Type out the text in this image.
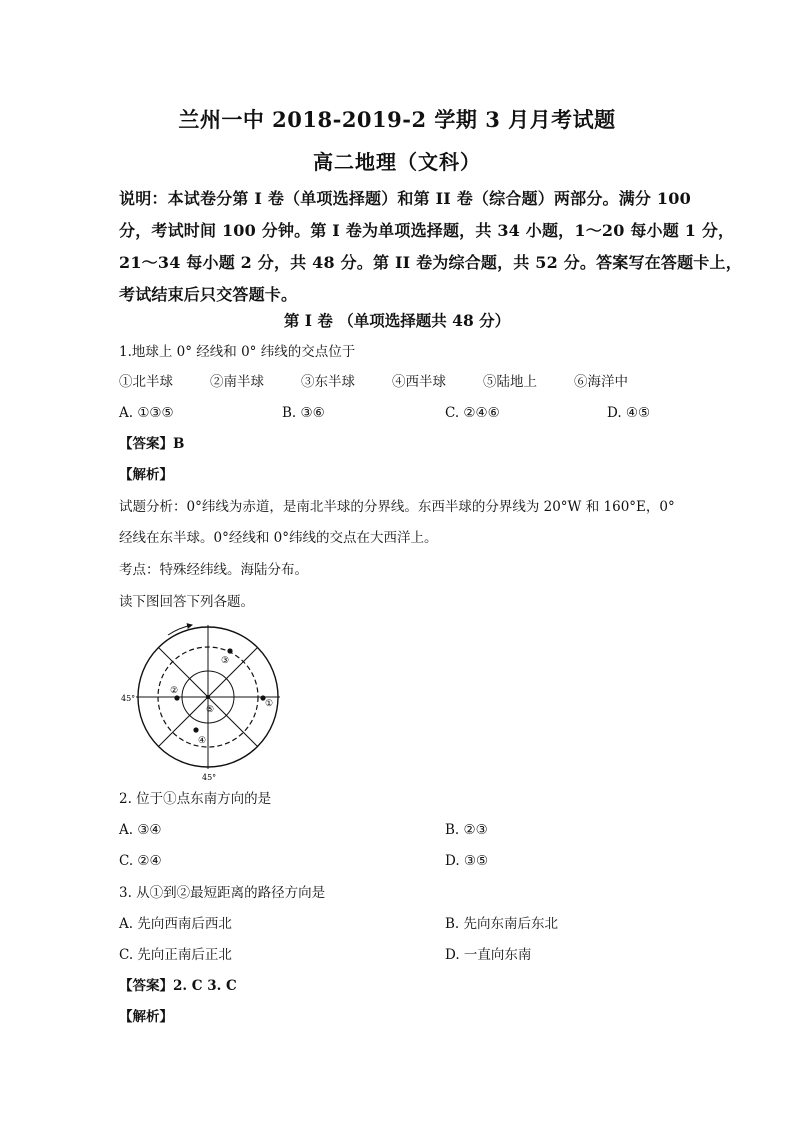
兰州一中 2018-2019-2 学期 3 月月考试题
高二地理（文科）
说明：本试卷分第 I 卷（单项选择题）和第 II 卷（综合题）两部分。满分 100
分，考试时间 100 分钟。第 I 卷为单项选择题，共 34 小题，1～20 每小题 1 分，
21～34 每小题 2 分，共 48 分。第 II 卷为综合题，共 52 分。答案写在答题卡上，
考试结束后只交答题卡。
第 I 卷 （单项选择题共 48 分）
1.地球上 0° 经线和 0° 纬线的交点位于
①北半球	②南半球	③东半球	④西半球	⑤陆地上	⑥海洋中
A. ①③⑤	B. ③⑥	C. ②④⑥	D. ④⑤
【答案】B
【解析】
试题分析：0°纬线为赤道，是南北半球的分界线。东西半球的分界线为 20°W 和 160°E，0°
经线在东半球。0°经线和 0°纬线的交点在大西洋上。
考点：特殊经纬线。海陆分布。
读下图回答下列各题。
①
②
③
④
⑤
45°
45°
2. 位于①点东南方向的是
A. ③④	B. ②③
C. ②④	D. ③⑤
3. 从①到②最短距离的路径方向是
A. 先向西南后西北	B. 先向东南后东北
C. 先向正南后正北	D. 一直向东南
【答案】2. C 3. C
【解析】
